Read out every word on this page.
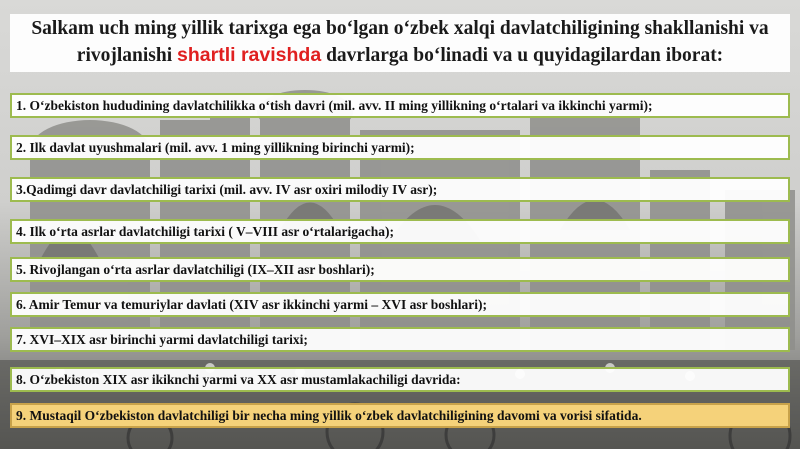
Salkam uch ming yillik tarixga ega bo‘lgan o‘zbek xalqi davlatchiligining shakllanishi va
rivojlanishi shartli ravishda davrlarga bo‘linadi va u quyidagilardan iborat:
1. O‘zbekiston hududining davlatchilikka o‘tish davri (mil. avv. II ming yillikning o‘rtalari va ikkinchi yarmi);
2. Ilk davlat uyushmalari (mil. avv. 1 ming yillikning birinchi yarmi);
3.Qadimgi davr davlatchiligi tarixi (mil. avv. IV asr oxiri milodiy IV asr);
4. Ilk o‘rta asrlar davlatchiligi tarixi ( V–VIII asr o‘rtalarigacha);
5. Rivojlangan o‘rta asrlar davlatchiligi (IX–XII asr boshlari);
6. Amir Temur va temuriylar davlati (XIV asr ikkinchi yarmi – XVI asr boshlari);
7. XVI–XIX asr birinchi yarmi davlatchiligi tarixi;
8. O‘zbekiston XIX asr ikiknchi yarmi va XX asr mustamlakachiligi davrida:
9. Mustaqil O‘zbekiston davlatchiligi bir necha ming yillik o‘zbek davlatchiligining davomi va vorisi sifatida.
